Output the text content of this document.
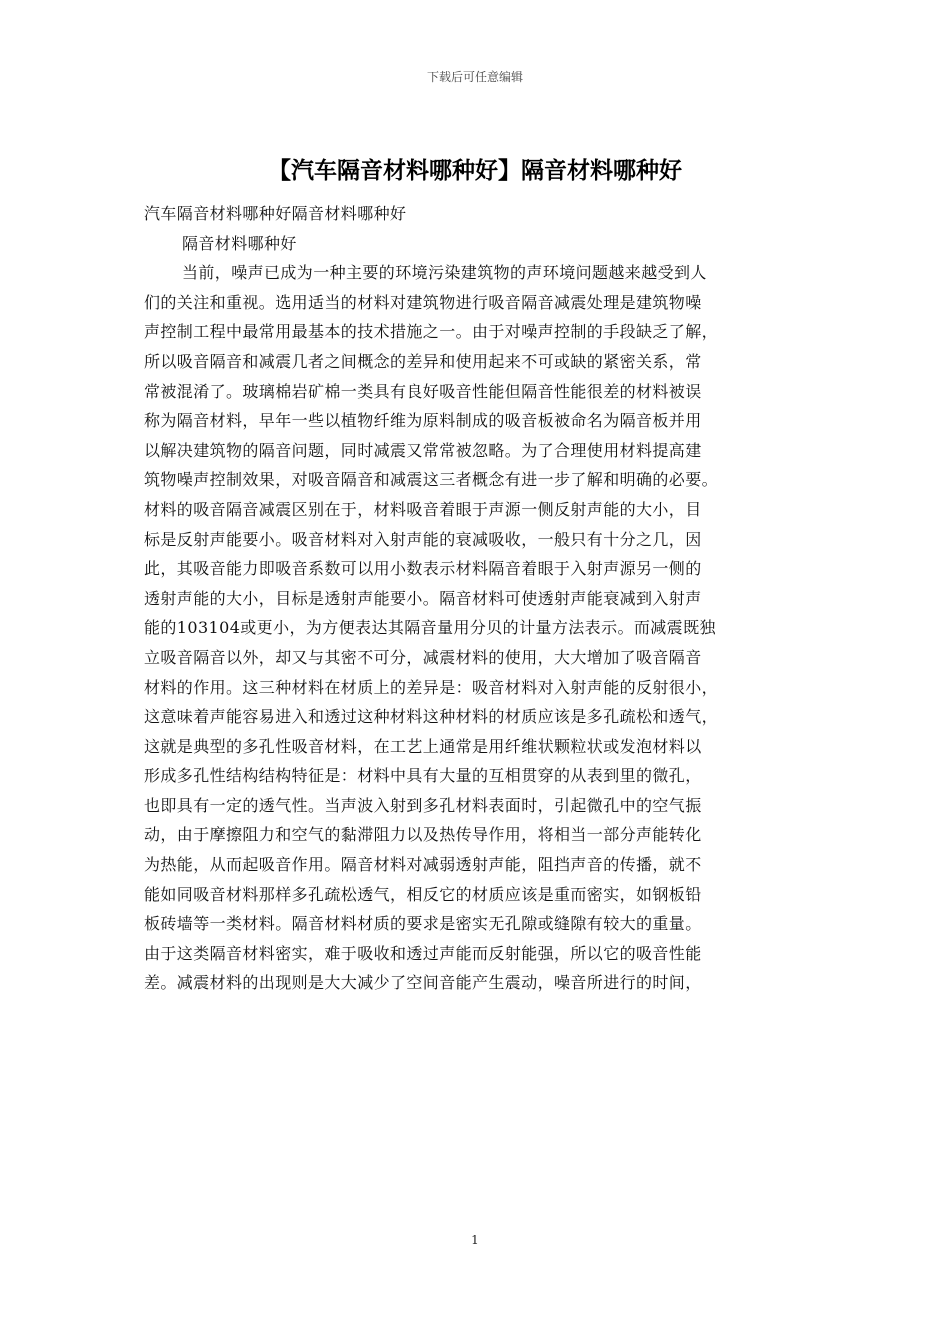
下载后可任意编辑
【汽车隔音材料哪种好】隔音材料哪种好

汽车隔音材料哪种好隔音材料哪种好

隔音材料哪种好

当前，噪声已成为一种主要的环境污染建筑物的声环境问题越来越受到人

们的关注和重视。选用适当的材料对建筑物进行吸音隔音减震处理是建筑物噪

声控制工程中最常用最基本的技术措施之一。由于对噪声控制的手段缺乏了解，

所以吸音隔音和减震几者之间概念的差异和使用起来不可或缺的紧密关系，常

常被混淆了。玻璃棉岩矿棉一类具有良好吸音性能但隔音性能很差的材料被误

称为隔音材料，早年一些以植物纤维为原料制成的吸音板被命名为隔音板并用

以解决建筑物的隔音问题，同时减震又常常被忽略。为了合理使用材料提高建

筑物噪声控制效果，对吸音隔音和减震这三者概念有进一步了解和明确的必要。

材料的吸音隔音减震区别在于，材料吸音着眼于声源一侧反射声能的大小，目

标是反射声能要小。吸音材料对入射声能的衰减吸收，一般只有十分之几，因

此，其吸音能力即吸音系数可以用小数表示材料隔音着眼于入射声源另一侧的

透射声能的大小，目标是透射声能要小。隔音材料可使透射声能衰减到入射声

能的103104或更小，为方便表达其隔音量用分贝的计量方法表示。而减震既独

立吸音隔音以外，却又与其密不可分，减震材料的使用，大大增加了吸音隔音

材料的作用。这三种材料在材质上的差异是：吸音材料对入射声能的反射很小，

这意味着声能容易进入和透过这种材料这种材料的材质应该是多孔疏松和透气，

这就是典型的多孔性吸音材料，在工艺上通常是用纤维状颗粒状或发泡材料以

形成多孔性结构结构特征是：材料中具有大量的互相贯穿的从表到里的微孔，

也即具有一定的透气性。当声波入射到多孔材料表面时，引起微孔中的空气振

动，由于摩擦阻力和空气的黏滞阻力以及热传导作用，将相当一部分声能转化

为热能，从而起吸音作用。隔音材料对减弱透射声能，阻挡声音的传播，就不

能如同吸音材料那样多孔疏松透气，相反它的材质应该是重而密实，如钢板铅

板砖墙等一类材料。隔音材料材质的要求是密实无孔隙或缝隙有较大的重量。

由于这类隔音材料密实，难于吸收和透过声能而反射能强，所以它的吸音性能

差。减震材料的出现则是大大减少了空间音能产生震动，噪音所进行的时间，

1
